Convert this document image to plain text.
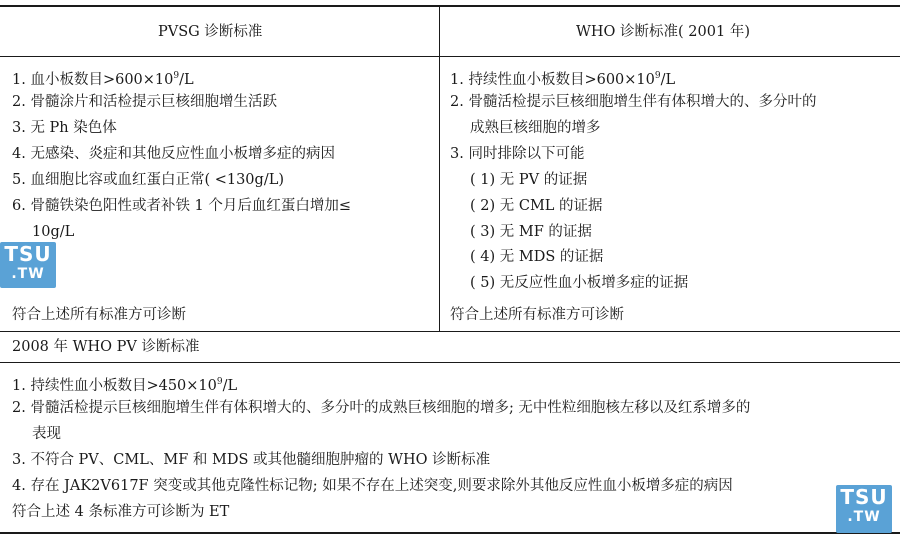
PVSG 诊断标准	WHO 诊断标准( 2001 年)
1. 血小板数目$>600\times 10^9/L$
2. 骨髓涂片和活检提示巨核细胞增生活跃
3. 无 Ph 染色体
4. 无感染、炎症和其他反应性血小板增多症的病因
5. 血细胞比容或血红蛋白正常( <130g/L)
6. 骨髓铁染色阳性或者补铁 1 个月后血红蛋白增加≤
10g/L
符合上述所有标准方可诊断
1. 持续性血小板数目$>600\times 10^9/L$
2. 骨髓活检提示巨核细胞增生伴有体积增大的、多分叶的
成熟巨核细胞的增多
3. 同时排除以下可能
( 1) 无 PV 的证据
( 2) 无 CML 的证据
( 3) 无 MF 的证据
( 4) 无 MDS 的证据
( 5) 无反应性血小板增多症的证据
符合上述所有标准方可诊断
2008 年 WHO PV 诊断标准
1. 持续性血小板数目$>450\times 10^9/L$
2. 骨髓活检提示巨核细胞增生伴有体积增大的、多分叶的成熟巨核细胞的增多; 无中性粒细胞核左移以及红系增多的
表现
3. 不符合 PV、CML、MF 和 MDS 或其他髓细胞肿瘤的 WHO 诊断标准
4. 存在 JAK2V617F 突变或其他克隆性标记物; 如果不存在上述突变,则要求除外其他反应性血小板增多症的病因
符合上述 4 条标准方可诊断为 ET
TSU
.TW
TSU
.TW
